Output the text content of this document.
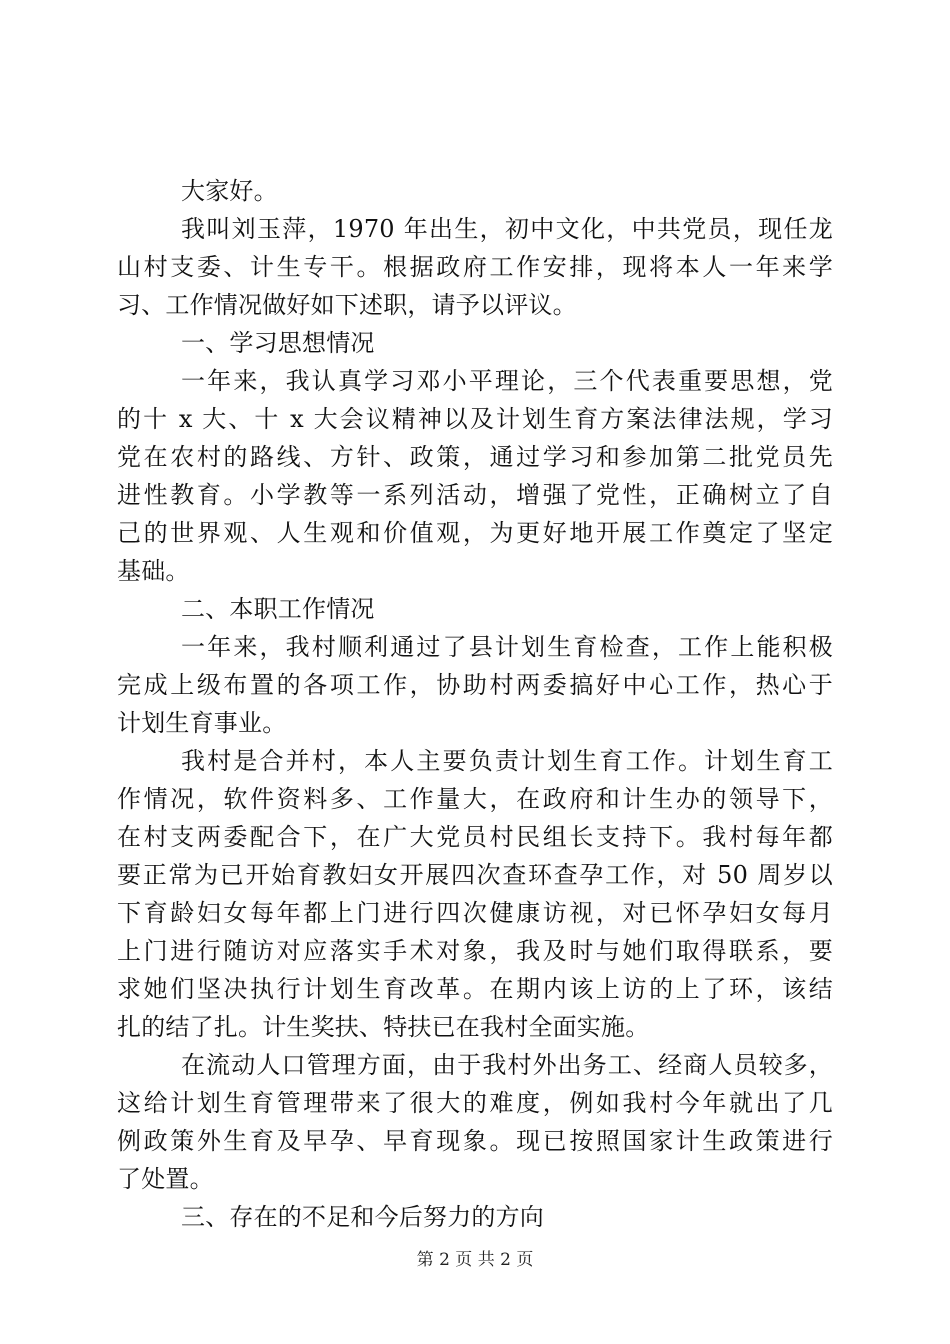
大家好。
我叫刘玉萍，1970 年出生，初中文化，中共党员，现任龙
山村支委、计生专干。根据政府工作安排，现将本人一年来学
习、工作情况做好如下述职，请予以评议。
一、学习思想情况
一年来，我认真学习邓小平理论，三个代表重要思想，党
的十 x 大、十 x 大会议精神以及计划生育方案法律法规，学习
党在农村的路线、方针、政策，通过学习和参加第二批党员先
进性教育。小学教等一系列活动，增强了党性，正确树立了自
己的世界观、人生观和价值观，为更好地开展工作奠定了坚定
基础。
二、本职工作情况
一年来，我村顺利通过了县计划生育检查，工作上能积极
完成上级布置的各项工作，协助村两委搞好中心工作，热心于
计划生育事业。
我村是合并村，本人主要负责计划生育工作。计划生育工
作情况，软件资料多、工作量大，在政府和计生办的领导下，
在村支两委配合下，在广大党员村民组长支持下。我村每年都
要正常为已开始育教妇女开展四次查环查孕工作，对 50 周岁以
下育龄妇女每年都上门进行四次健康访视，对已怀孕妇女每月
上门进行随访对应落实手术对象，我及时与她们取得联系，要
求她们坚决执行计划生育改革。在期内该上访的上了环，该结
扎的结了扎。计生奖扶、特扶已在我村全面实施。
在流动人口管理方面，由于我村外出务工、经商人员较多，
这给计划生育管理带来了很大的难度，例如我村今年就出了几
例政策外生育及早孕、早育现象。现已按照国家计生政策进行
了处置。
三、存在的不足和今后努力的方向
第 2 页 共 2 页
